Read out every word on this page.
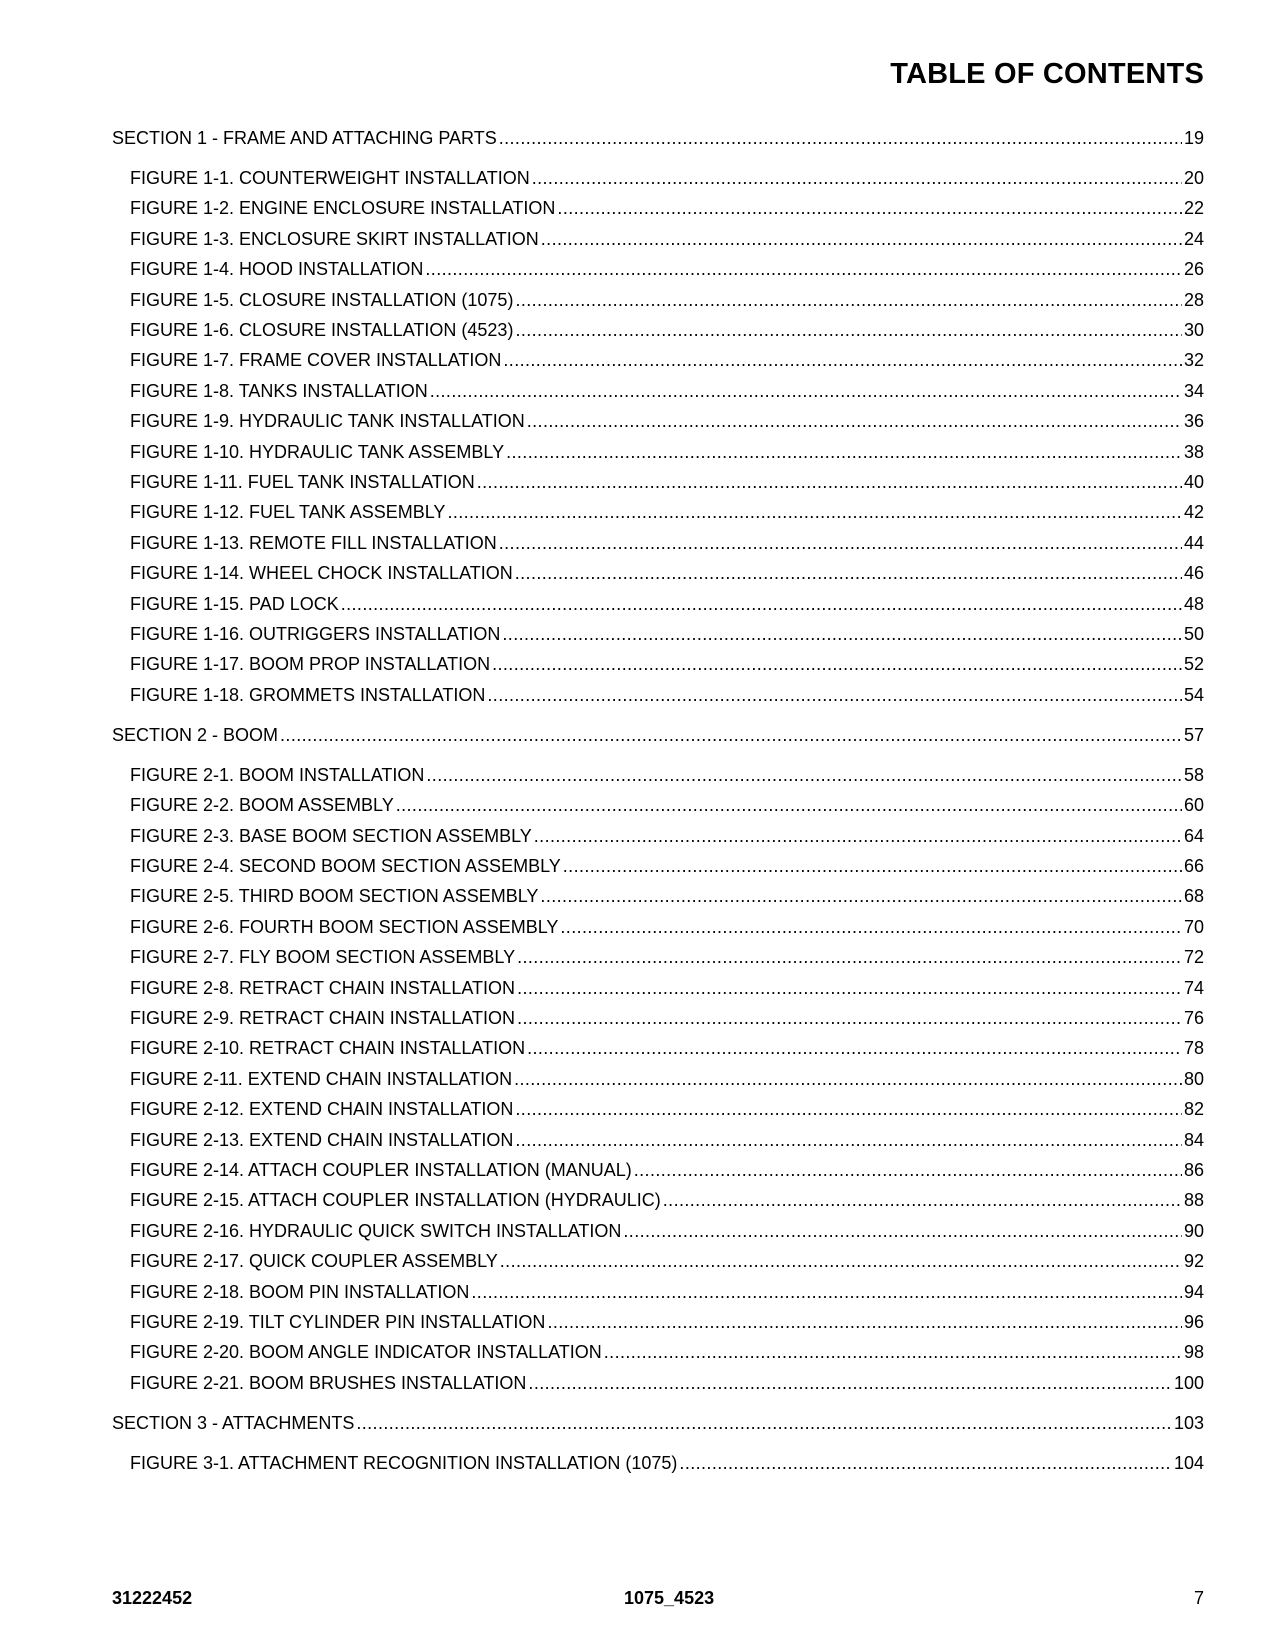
TABLE OF CONTENTS
SECTION 1 - FRAME AND ATTACHING PARTS .....	19
FIGURE 1-1. COUNTERWEIGHT INSTALLATION .....	20
FIGURE 1-2. ENGINE ENCLOSURE INSTALLATION .....	22
FIGURE 1-3. ENCLOSURE SKIRT INSTALLATION .....	24
FIGURE 1-4. HOOD INSTALLATION .....	26
FIGURE 1-5. CLOSURE INSTALLATION (1075) .....	28
FIGURE 1-6. CLOSURE INSTALLATION (4523) .....	30
FIGURE 1-7. FRAME COVER INSTALLATION .....	32
FIGURE 1-8. TANKS INSTALLATION .....	34
FIGURE 1-9. HYDRAULIC TANK INSTALLATION .....	36
FIGURE 1-10. HYDRAULIC TANK ASSEMBLY .....	38
FIGURE 1-11. FUEL TANK INSTALLATION .....	40
FIGURE 1-12. FUEL TANK ASSEMBLY .....	42
FIGURE 1-13. REMOTE FILL INSTALLATION .....	44
FIGURE 1-14. WHEEL CHOCK INSTALLATION .....	46
FIGURE 1-15. PAD LOCK .....	48
FIGURE 1-16. OUTRIGGERS INSTALLATION .....	50
FIGURE 1-17. BOOM PROP INSTALLATION .....	52
FIGURE 1-18. GROMMETS INSTALLATION .....	54
SECTION 2 - BOOM .....	57
FIGURE 2-1. BOOM INSTALLATION .....	58
FIGURE 2-2. BOOM ASSEMBLY .....	60
FIGURE 2-3. BASE BOOM SECTION ASSEMBLY .....	64
FIGURE 2-4. SECOND BOOM SECTION ASSEMBLY .....	66
FIGURE 2-5. THIRD BOOM SECTION ASSEMBLY .....	68
FIGURE 2-6. FOURTH BOOM SECTION ASSEMBLY .....	70
FIGURE 2-7. FLY BOOM SECTION ASSEMBLY .....	72
FIGURE 2-8. RETRACT CHAIN INSTALLATION .....	74
FIGURE 2-9. RETRACT CHAIN INSTALLATION .....	76
FIGURE 2-10. RETRACT CHAIN INSTALLATION .....	78
FIGURE 2-11. EXTEND CHAIN INSTALLATION .....	80
FIGURE 2-12. EXTEND CHAIN INSTALLATION .....	82
FIGURE 2-13. EXTEND CHAIN INSTALLATION .....	84
FIGURE 2-14. ATTACH COUPLER INSTALLATION (MANUAL) .....	86
FIGURE 2-15. ATTACH COUPLER INSTALLATION (HYDRAULIC) .....	88
FIGURE 2-16. HYDRAULIC QUICK SWITCH INSTALLATION .....	90
FIGURE 2-17. QUICK COUPLER ASSEMBLY .....	92
FIGURE 2-18. BOOM PIN INSTALLATION .....	94
FIGURE 2-19. TILT CYLINDER PIN INSTALLATION .....	96
FIGURE 2-20. BOOM ANGLE INDICATOR INSTALLATION .....	98
FIGURE 2-21. BOOM BRUSHES INSTALLATION .....	100
SECTION 3 - ATTACHMENTS .....	103
FIGURE 3-1. ATTACHMENT RECOGNITION INSTALLATION (1075) .....	104
31222452	1075_4523	7
